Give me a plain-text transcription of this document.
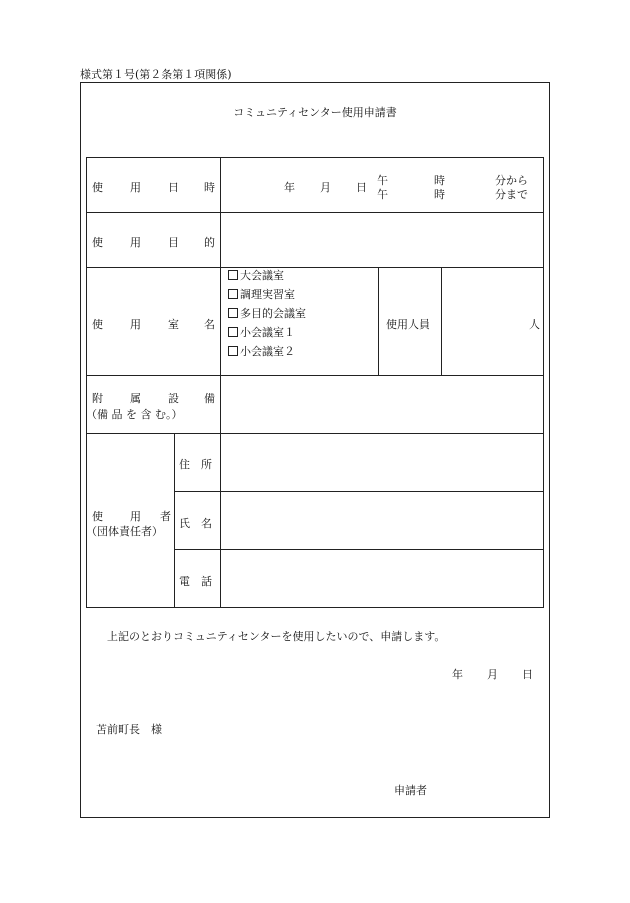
様式第１号(第２条第１項関係)
コミュニティセンター使用申請書
使 用 日 時	年 月 日
午
午
時
時
分から
分まで
使 用 目 的
使 用 室 名
大会議室
調理実習室
多目的会議室
小会議室１
小会議室２
使用人員	人
附 属 設 備
（備 品 を 含 む。）
使 用 者
（団体責任者）
住　所
氏　名
電　話
上記のとおりコミュニティセンターを使用したいので、申請します。
年 月 日
苫前町長　様
申請者
